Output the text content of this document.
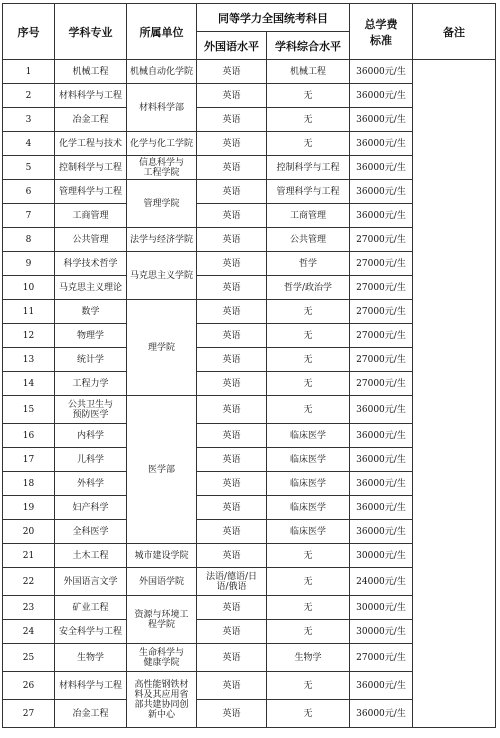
序号	学科专业	所属单位	同等学力全国统考科目		总学费标准	备注
			外国语水平	学科综合水平		
1	机械工程	机械自动化学院	英语	机械工程	36000元/生	
2	材料科学与工程	材料科学部	英语	无	36000元/生	
3	冶金工程		英语	无	36000元/生	
4	化学工程与技术	化学与化工学院	英语	无	36000元/生	
5	控制科学与工程	信息科学与工程学院	英语	控制科学与工程	36000元/生	
6	管理科学与工程	管理学院	英语	管理科学与工程	36000元/生	
7	工商管理		英语	工商管理	36000元/生	
8	公共管理	法学与经济学院	英语	公共管理	27000元/生	
9	科学技术哲学	马克思主义学院	英语	哲学	27000元/生	
10	马克思主义理论		英语	哲学/政治学	27000元/生	
11	数学	理学院	英语	无	27000元/生	
12	物理学		英语	无	27000元/生	
13	统计学		英语	无	27000元/生	
14	工程力学		英语	无	27000元/生	
15	公共卫生与预防医学	医学部	英语	无	36000元/生	
16	内科学		英语	临床医学	36000元/生	
17	儿科学		英语	临床医学	36000元/生	
18	外科学		英语	临床医学	36000元/生	
19	妇产科学		英语	临床医学	36000元/生	
20	全科医学		英语	临床医学	36000元/生	
21	土木工程	城市建设学院	英语	无	30000元/生	
22	外国语言文学	外国语学院	法语/德语/日语/俄语	无	24000元/生	
23	矿业工程	资源与环境工程学院	英语	无	30000元/生	
24	安全科学与工程		英语	无	30000元/生	
25	生物学	生命科学与健康学院	英语	生物学	27000元/生	
26	材料科学与工程	高性能钢铁材料及其应用省部共建协同创新中心	英语	无	36000元/生	
27	冶金工程		英语	无	36000元/生	
